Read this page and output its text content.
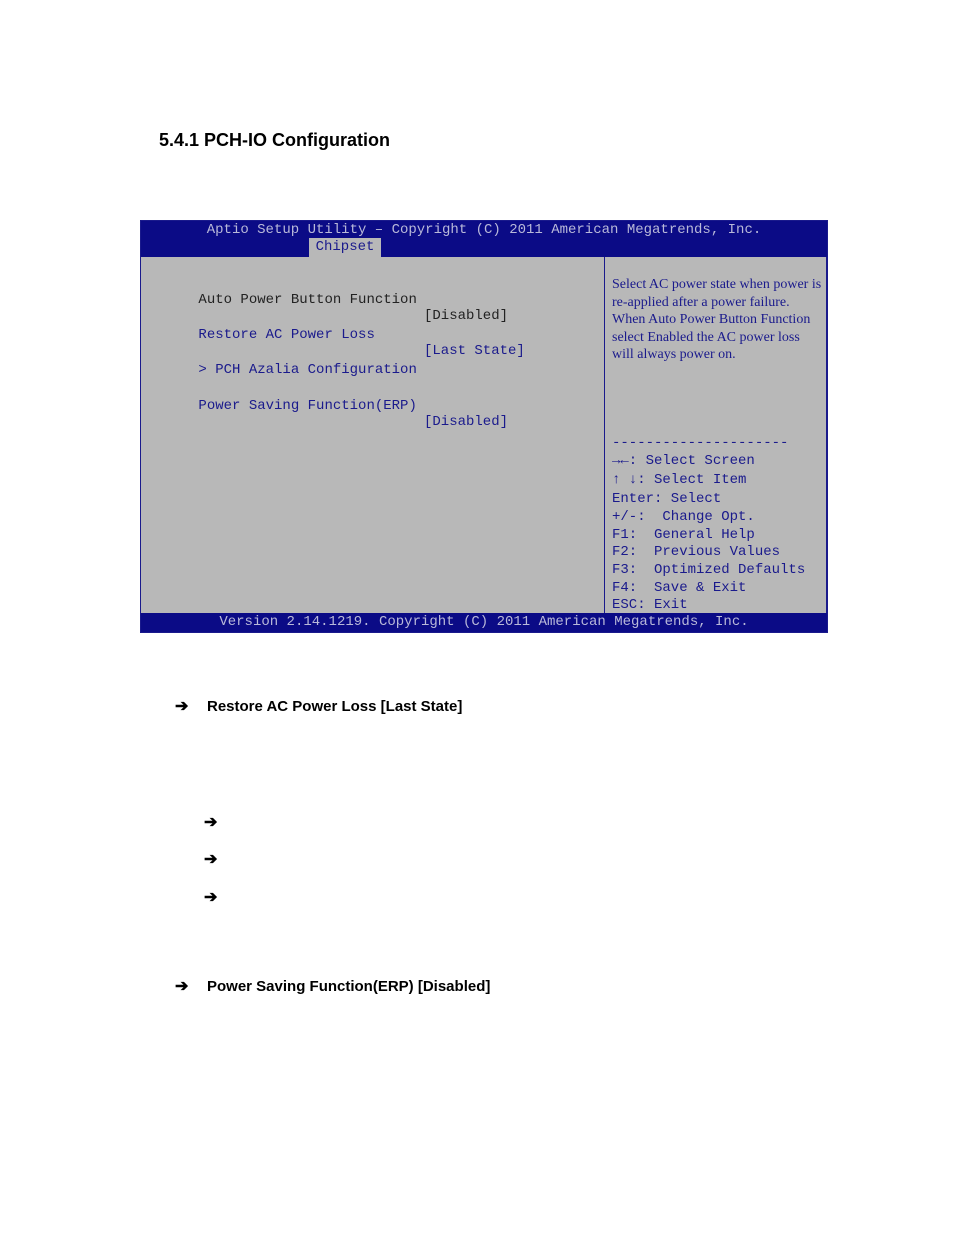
5.4.1 PCH-IO Configuration
Aptio Setup Utility – Copyright (C) 2011 American Megatrends, Inc.
Chipset

Auto Power Button Function

[Disabled]

Restore AC Power Loss

[Last State]

> PCH Azalia Configuration

Power Saving Function(ERP)

[Disabled]

Select AC power state when power is re-applied after a power failure. When Auto Power Button Function select Enabled the AC power loss will always power on.
---------------------
→←: Select Screen
↑ ↓: Select Item
Enter: Select
+/-:  Change Opt.
F1:  General Help
F2:  Previous Values
F3:  Optimized Defaults
F4:  Save & Exit
ESC: Exit
Version 2.14.1219. Copyright (C) 2011 American Megatrends, Inc.
➔	Restore AC Power Loss [Last State]
➔
➔
➔
➔	Power Saving Function(ERP) [Disabled]
